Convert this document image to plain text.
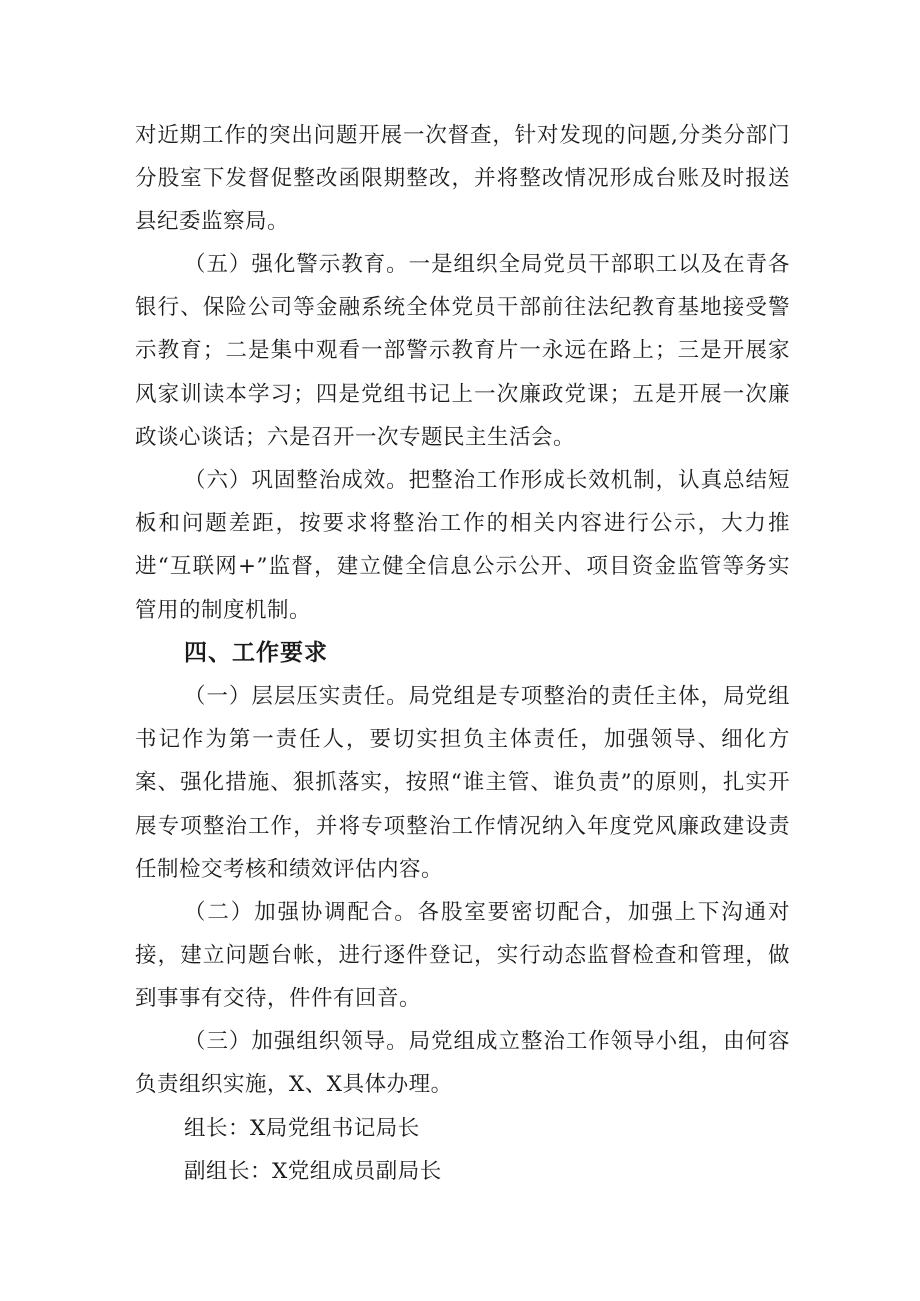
对近期工作的突出问题开展一次督查，针对发现的问题,分类分部门分股室下发督促整改函限期整改，并将整改情况形成台账及时报送县纪委监察局。

（五）强化警示教育。一是组织全局党员干部职工以及在青各银行、保险公司等金融系统全体党员干部前往法纪教育基地接受警示教育；二是集中观看一部警示教育片一永远在路上；三是开展家风家训读本学习；四是党组书记上一次廉政党课；五是开展一次廉政谈心谈话；六是召开一次专题民主生活会。

（六）巩固整治成效。把整治工作形成长效机制，认真总结短板和问题差距，按要求将整治工作的相关内容进行公示，大力推进“互联网+”监督，建立健全信息公示公开、项目资金监管等务实管用的制度机制。

四、工作要求

（一）层层压实责任。局党组是专项整治的责任主体，局党组书记作为第一责任人，要切实担负主体责任，加强领导、细化方案、强化措施、狠抓落实，按照“谁主管、谁负责”的原则，扎实开展专项整治工作，并将专项整治工作情况纳入年度党风廉政建设责任制检交考核和绩效评估内容。

（二）加强协调配合。各股室要密切配合，加强上下沟通对接，建立问题台帐，进行逐件登记，实行动态监督检查和管理，做到事事有交待，件件有回音。

（三）加强组织领导。局党组成立整治工作领导小组，由何容负责组织实施，X、X具体办理。

组长：X局党组书记局长

副组长：X党组成员副局长
